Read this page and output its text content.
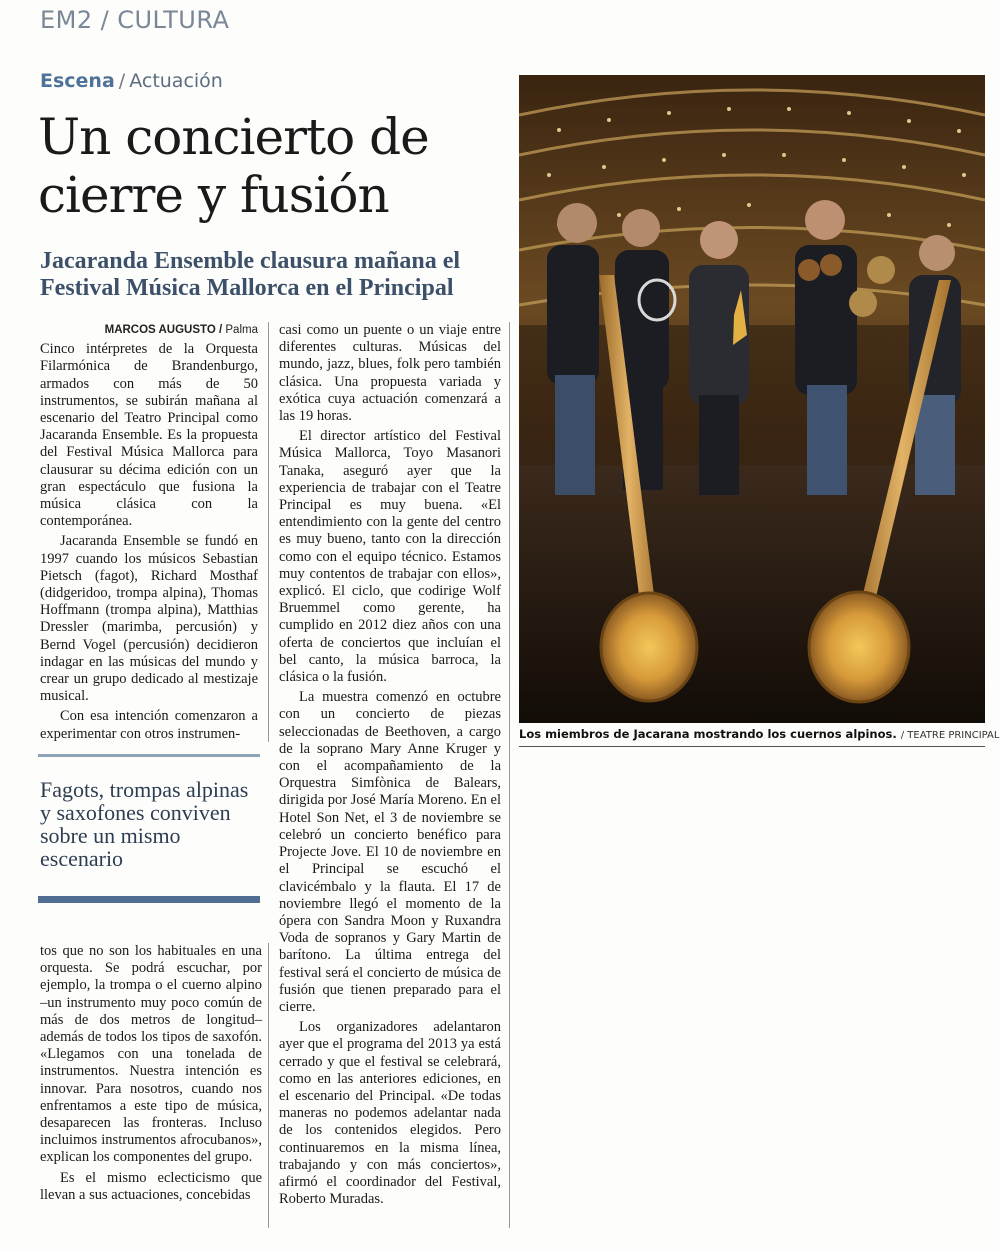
EM2 / CULTURA
Escena / Actuación
Un concierto de cierre y fusión
Jacaranda Ensemble clausura mañana el Festival Música Mallorca en el Principal
MARCOS AUGUSTO / Palma

Cinco intérpretes de la Orquesta Filarmónica de Brandenburgo, armados con más de 50 instrumentos, se subirán mañana al escenario del Teatro Principal como Jacaranda Ensemble. Es la propuesta del Festival Música Mallorca para clausurar su décima edición con un gran espectáculo que fusiona la música clásica con la contemporánea.

Jacaranda Ensemble se fundó en 1997 cuando los músicos Sebastian Pietsch (fagot), Richard Mosthaf (didgeridoo, trompa alpina), Thomas Hoffmann (trompa alpina), Matthias Dressler (marimba, percusión) y Bernd Vogel (percusión) decidieron indagar en las músicas del mundo y crear un grupo dedicado al mestizaje musical.

Con esa intención comenzaron a experimentar con otros instrumen-

Fagots, trompas alpinas y saxofones conviven sobre un mismo escenario

tos que no son los habituales en una orquesta. Se podrá escuchar, por ejemplo, la trompa o el cuerno alpino –un instrumento muy poco común de más de dos metros de longitud– además de todos los tipos de saxofón. «Llegamos con una tonelada de instrumentos. Nuestra intención es innovar. Para nosotros, cuando nos enfrentamos a este tipo de música, desaparecen las fronteras. Incluso incluimos instrumentos afrocubanos», explican los componentes del grupo.

Es el mismo eclecticismo que llevan a sus actuaciones, concebidas

casi como un puente o un viaje entre diferentes culturas. Músicas del mundo, jazz, blues, folk pero también clásica. Una propuesta variada y exótica cuya actuación comenzará a las 19 horas.

El director artístico del Festival Música Mallorca, Toyo Masanori Tanaka, aseguró ayer que la experiencia de trabajar con el Teatre Principal es muy buena. «El entendimiento con la gente del centro es muy bueno, tanto con la dirección como con el equipo técnico. Estamos muy contentos de trabajar con ellos», explicó. El ciclo, que codirige Wolf Bruemmel como gerente, ha cumplido en 2012 diez años con una oferta de conciertos que incluían el bel canto, la música barroca, la clásica o la fusión.

La muestra comenzó en octubre con un concierto de piezas seleccionadas de Beethoven, a cargo de la soprano Mary Anne Kruger y con el acompañamiento de la Orquestra Simfònica de Balears, dirigida por José María Moreno. En el Hotel Son Net, el 3 de noviembre se celebró un concierto benéfico para Projecte Jove. El 10 de noviembre en el Principal se escuchó el clavicémbalo y la flauta. El 17 de noviembre llegó el momento de la ópera con Sandra Moon y Ruxandra Voda de sopranos y Gary Martin de barítono. La última entrega del festival será el concierto de música de fusión que tienen preparado para el cierre.

Los organizadores adelantaron ayer que el programa del 2013 ya está cerrado y que el festival se celebrará, como en las anteriores ediciones, en el escenario del Principal. «De todas maneras no podemos adelantar nada de los contenidos elegidos. Pero continuaremos en la misma línea, trabajando y con más conciertos», afirmó el coordinador del Festival, Roberto Muradas.

Los miembros de Jacarana mostrando los cuernos alpinos. / TEATRE PRINCIPAL
